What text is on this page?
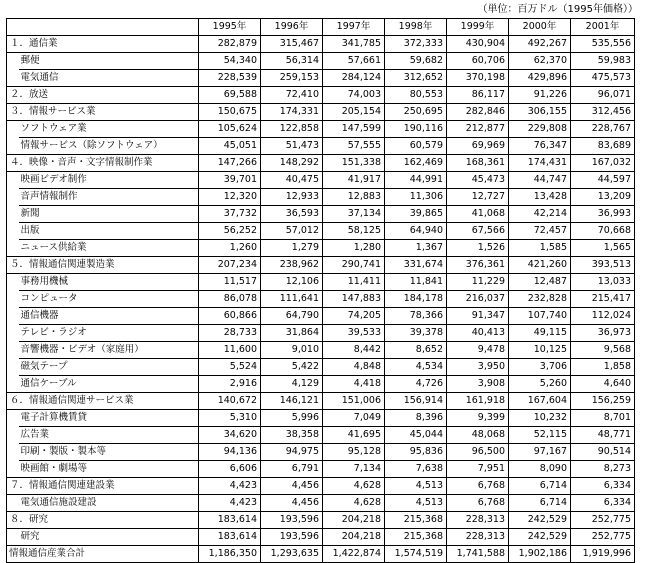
（単位：百万ドル（1995年価格））
		1995年	1996年	1997年	1998年	1999年	2000年	2001年
１．通信業		282,879	315,467	341,785	372,333	430,904	492,267	535,556
	郵便	54,340	56,314	57,661	59,682	60,706	62,370	59,983
	電気通信	228,539	259,153	284,124	312,652	370,198	429,896	475,573
２．放送		69,588	72,410	74,003	80,553	86,117	91,226	96,071
３．情報サービス業		150,675	174,331	205,154	250,695	282,846	306,155	312,456
	ソフトウェア業	105,624	122,858	147,599	190,116	212,877	229,808	228,767
	情報サービス（除ソフトウェア）	45,051	51,473	57,555	60,579	69,969	76,347	83,689
４．映像・音声・文字情報制作業		147,266	148,292	151,338	162,469	168,361	174,431	167,032
	映画ビデオ制作	39,701	40,475	41,917	44,991	45,473	44,747	44,597
	音声情報制作	12,320	12,933	12,883	11,306	12,727	13,428	13,209
	新聞	37,732	36,593	37,134	39,865	41,068	42,214	36,993
	出版	56,252	57,012	58,125	64,940	67,566	72,457	70,668
	ニュース供給業	1,260	1,279	1,280	1,367	1,526	1,585	1,565
５．情報通信関連製造業		207,234	238,962	290,741	331,674	376,361	421,260	393,513
	事務用機械	11,517	12,106	11,411	11,841	11,229	12,487	13,033
	コンピュータ	86,078	111,641	147,883	184,178	216,037	232,828	215,417
	通信機器	60,866	64,790	74,205	78,366	91,347	107,740	112,024
	テレビ・ラジオ	28,733	31,864	39,533	39,378	40,413	49,115	36,973
	音響機器・ビデオ（家庭用）	11,600	9,010	8,442	8,652	9,478	10,125	9,568
	磁気テープ	5,524	5,422	4,848	4,534	3,950	3,706	1,858
	通信ケーブル	2,916	4,129	4,418	4,726	3,908	5,260	4,640
６．情報通信関連サービス業		140,672	146,121	151,006	156,914	161,918	167,604	156,259
	電子計算機賃貸	5,310	5,996	7,049	8,396	9,399	10,232	8,701
	広告業	34,620	38,358	41,695	45,044	48,068	52,115	48,771
	印刷・製版・製本等	94,136	94,975	95,128	95,836	96,500	97,167	90,514
	映画館・劇場等	6,606	6,791	7,134	7,638	7,951	8,090	8,273
７．情報通信関連建設業		4,423	4,456	4,628	4,513	6,768	6,714	6,334
	電気通信施設建設	4,423	4,456	4,628	4,513	6,768	6,714	6,334
８．研究		183,614	193,596	204,218	215,368	228,313	242,529	252,775
	研究	183,614	193,596	204,218	215,368	228,313	242,529	252,775
情報通信産業合計		1,186,350	1,293,635	1,422,874	1,574,519	1,741,588	1,902,186	1,919,996
